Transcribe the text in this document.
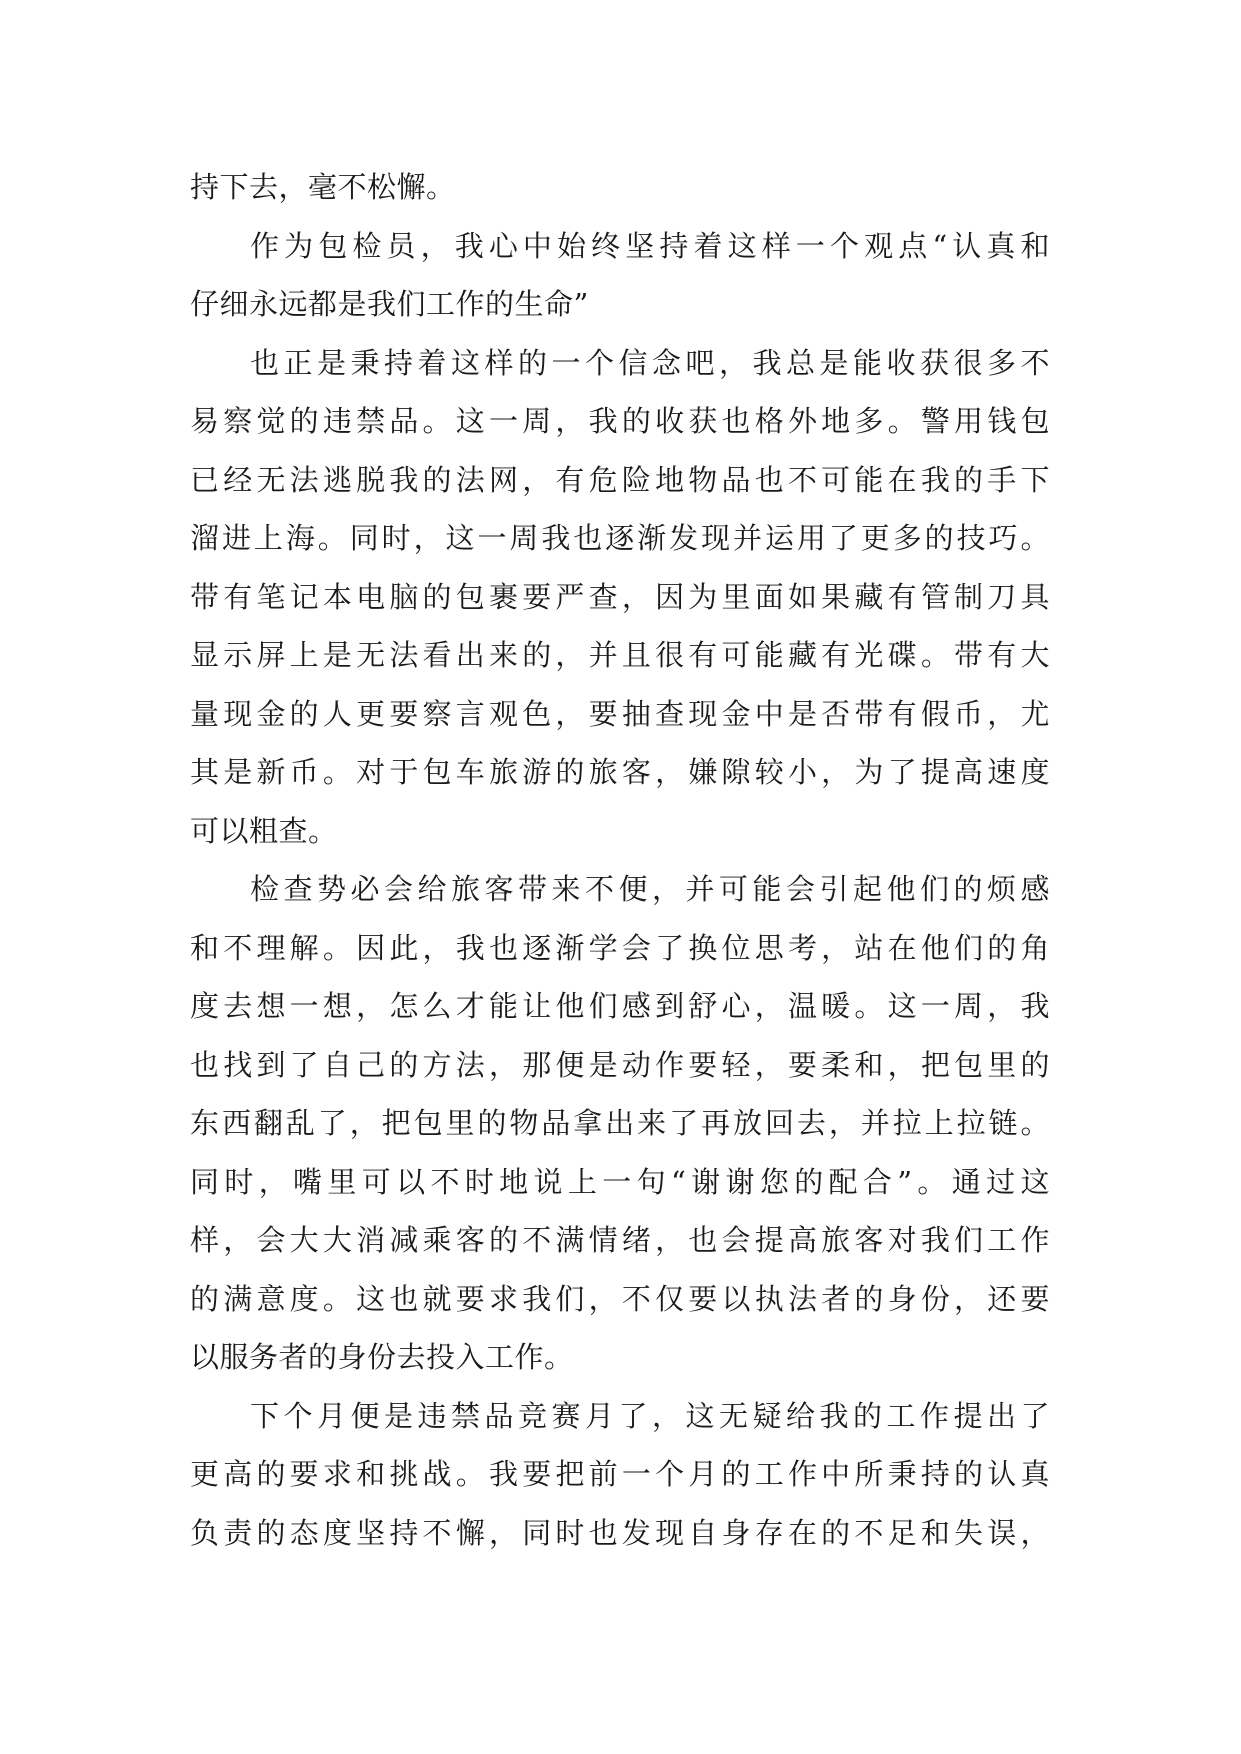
持下去，毫不松懈。
作为包检员，我心中始终坚持着这样一个观点“认真和
仔细永远都是我们工作的生命”
也正是秉持着这样的一个信念吧，我总是能收获很多不
易察觉的违禁品。这一周，我的收获也格外地多。警用钱包
已经无法逃脱我的法网，有危险地物品也不可能在我的手下
溜进上海。同时，这一周我也逐渐发现并运用了更多的技巧。
带有笔记本电脑的包裹要严查，因为里面如果藏有管制刀具
显示屏上是无法看出来的，并且很有可能藏有光碟。带有大
量现金的人更要察言观色，要抽查现金中是否带有假币，尤
其是新币。对于包车旅游的旅客，嫌隙较小，为了提高速度
可以粗查。
检查势必会给旅客带来不便，并可能会引起他们的烦感
和不理解。因此，我也逐渐学会了换位思考，站在他们的角
度去想一想，怎么才能让他们感到舒心，温暖。这一周，我
也找到了自己的方法，那便是动作要轻，要柔和，把包里的
东西翻乱了，把包里的物品拿出来了再放回去，并拉上拉链。
同时，嘴里可以不时地说上一句“谢谢您的配合”。通过这
样，会大大消减乘客的不满情绪，也会提高旅客对我们工作
的满意度。这也就要求我们，不仅要以执法者的身份，还要
以服务者的身份去投入工作。
下个月便是违禁品竞赛月了，这无疑给我的工作提出了
更高的要求和挑战。我要把前一个月的工作中所秉持的认真
负责的态度坚持不懈，同时也发现自身存在的不足和失误，
